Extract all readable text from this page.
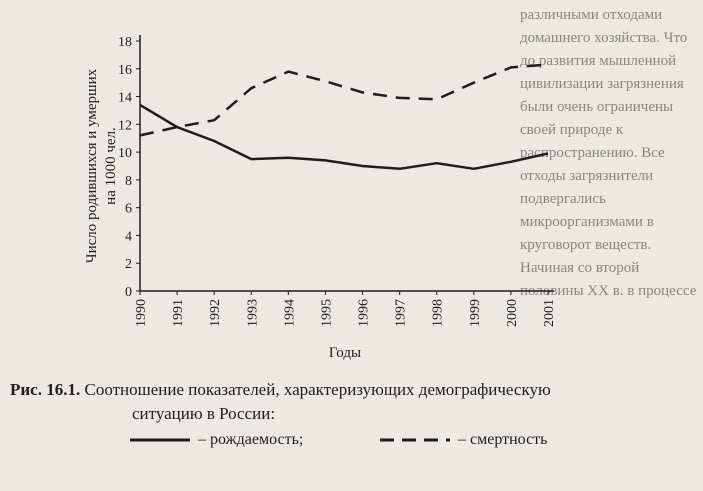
различными отходами домашнего хозяйства. Что до развития мышленной цивилизации загрязнения были очень ограничены своей природе к распространению. Все отходы загрязнители подвергались микроорганизмами в круговорот веществ. Начиная со второй половины XX в. в процессе
0
2
4
6
8
10
12
14
16
18
1990 1991 1992 1993 1994 1995 1996 1997 1998 1999 2000 2001
Число родившихся и умерших на 1000 чел.
Годы
Рис. 16.1. Соотношение показателей, характеризующих демографическую
ситуацию в России:
– рождаемость;	– смертность
